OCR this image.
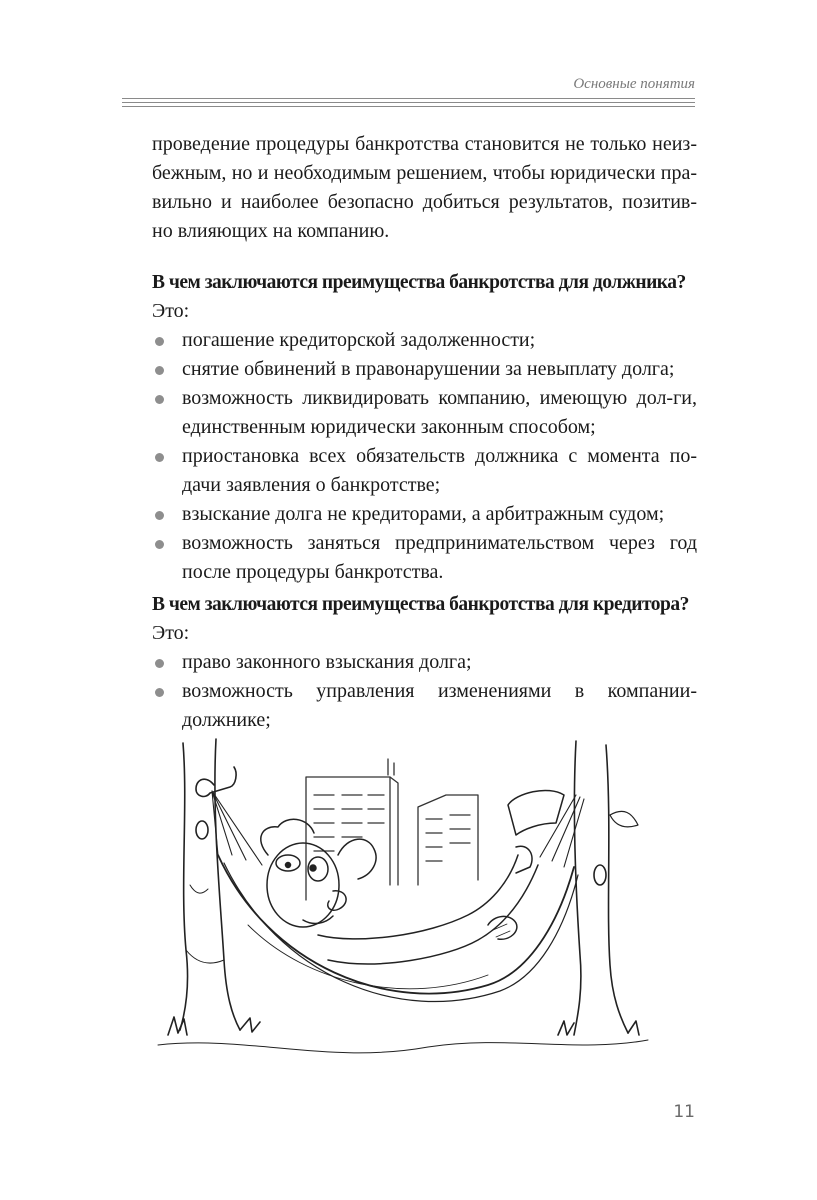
Основные понятия
проведение процедуры банкротства становится не только неиз-
бежным, но и необходимым решением, чтобы юридически пра-
вильно и наиболее безопасно добиться результатов, позитив-
но влияющих на компанию.
В чем заключаются преимущества банкротства для должника?
Это:
погашение кредиторской задолженности;
снятие обвинений в правонарушении за невыплату долга;
возможность ликвидировать компанию, имеющую дол-ги, единственным юридически законным способом;
приостановка всех обязательств должника с момента по-дачи заявления о банкротстве;
взыскание долга не кредиторами, а арбитражным судом;
возможность заняться предпринимательством через год после процедуры банкротства.
В чем заключаются преимущества банкротства для кредитора?
Это:
право законного взыскания долга;
возможность управления изменениями в компании-должнике;
11
